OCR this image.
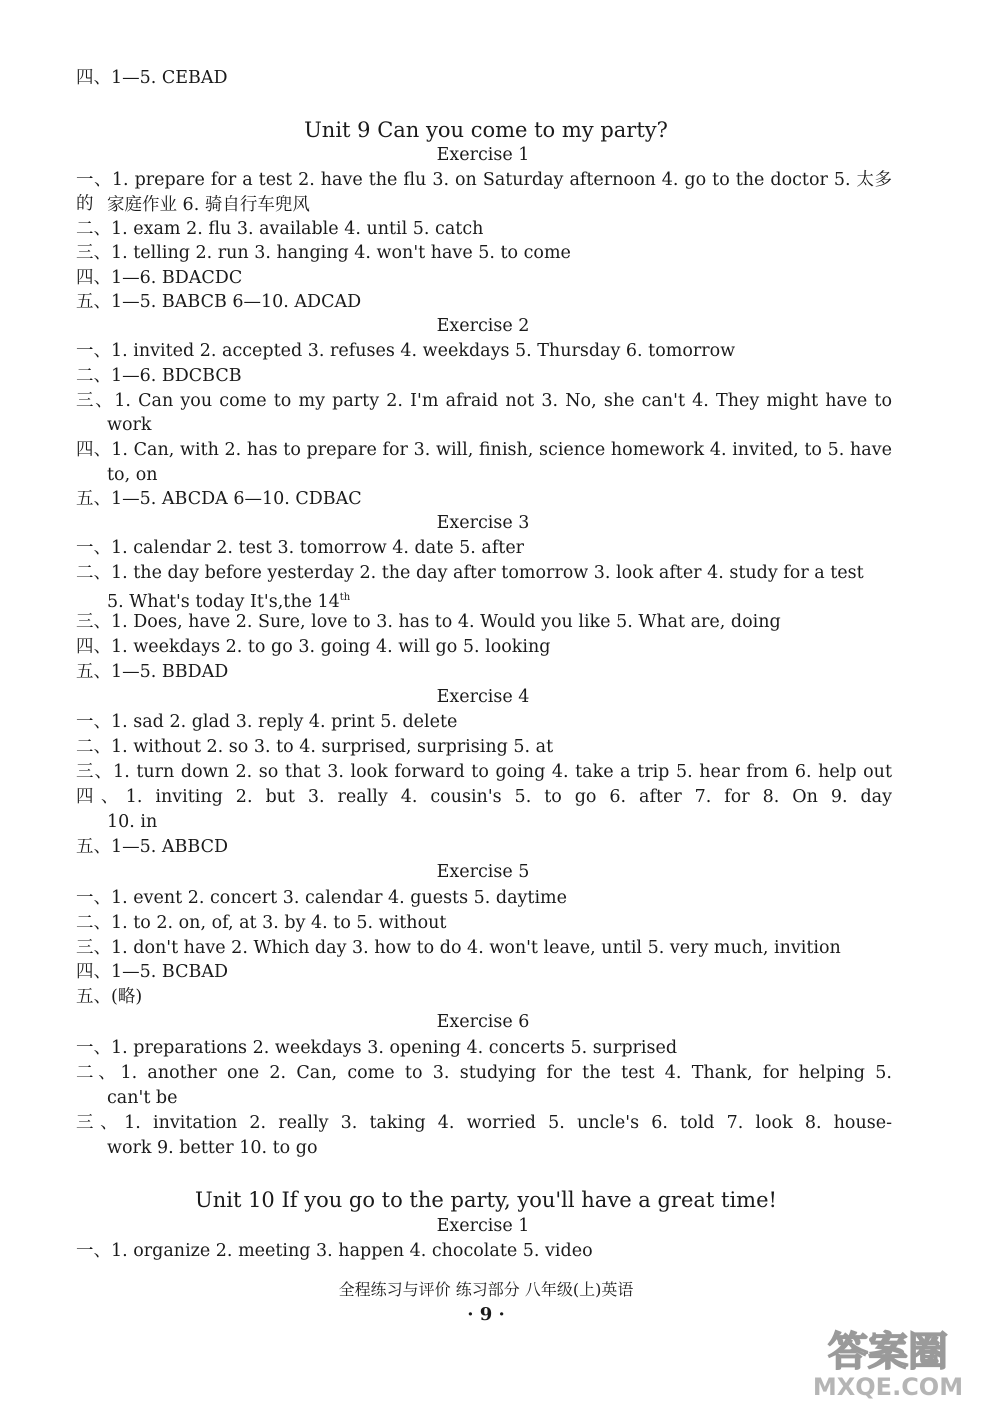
四、1—5. CEBAD
Unit 9 Can you come to my party?
Exercise 1
一、1. prepare for a test 2. have the flu 3. on Saturday afternoon 4. go to the doctor 5. 太多的 家庭作业 6. 骑自行车兜风
二、1. exam 2. flu 3. available 4. until 5. catch
三、1. telling 2. run 3. hanging 4. won't have 5. to come
四、1—6. BDACDC
五、1—5. BABCB 6—10. ADCAD
Exercise 2
一、1. invited 2. accepted 3. refuses 4. weekdays 5. Thursday 6. tomorrow
二、1—6. BDCBCB
三、1. Can you come to my party 2. I'm afraid not 3. No, she can't 4. They might have to
work
四、1. Can, with 2. has to prepare for 3. will, finish, science homework 4. invited, to 5. have
to, on
五、1—5. ABCDA 6—10. CDBAC
Exercise 3
一、1. calendar 2. test 3. tomorrow 4. date 5. after
二、1. the day before yesterday 2. the day after tomorrow 3. look after 4. study for a test
5. What's today It's,the 14th
三、1. Does, have 2. Sure, love to 3. has to 4. Would you like 5. What are, doing
四、1. weekdays 2. to go 3. going 4. will go 5. looking
五、1—5. BBDAD
Exercise 4
一、1. sad 2. glad 3. reply 4. print 5. delete
二、1. without 2. so 3. to 4. surprised, surprising 5. at
三、1. turn down 2. so that 3. look forward to going 4. take a trip 5. hear from 6. help out
四、1. inviting 2. but 3. really 4. cousin's 5. to go 6. after 7. for 8. On 9. day
10. in
五、1—5. ABBCD
Exercise 5
一、1. event 2. concert 3. calendar 4. guests 5. daytime
二、1. to 2. on, of, at 3. by 4. to 5. without
三、1. don't have 2. Which day 3. how to do 4. won't leave, until 5. very much, invition
四、1—5. BCBAD
五、(略)
Exercise 6
一、1. preparations 2. weekdays 3. opening 4. concerts 5. surprised
二、1. another one 2. Can, come to 3. studying for the test 4. Thank, for helping 5.
can't be
三、1. invitation 2. really 3. taking 4. worried 5. uncle's 6. told 7. look 8. house-
work 9. better 10. to go
Unit 10 If you go to the party, you'll have a great time!
Exercise 1
一、1. organize 2. meeting 3. happen 4. chocolate 5. video
全程练习与评价 练习部分 八年级(上)英语
· 9 ·
答案圈
MXQE.COM
